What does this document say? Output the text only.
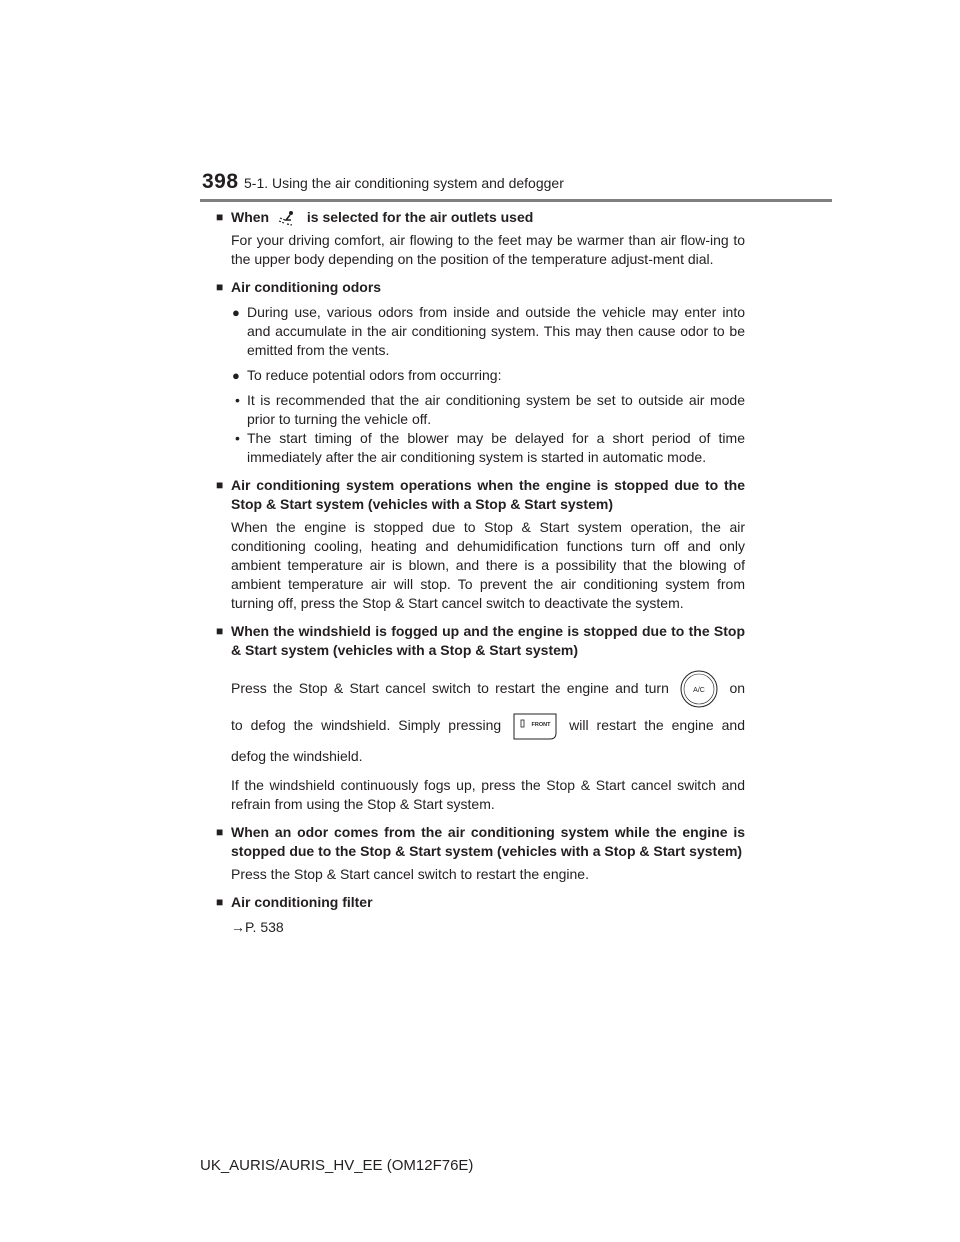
398 5-1. Using the air conditioning system and defogger
■ When	is selected for the air outlets used
For your driving comfort, air flowing to the feet may be warmer than air flow-ing to the upper body depending on the position of the temperature adjust-ment dial.
■ Air conditioning odors
● During use, various odors from inside and outside the vehicle may enter into and accumulate in the air conditioning system. This may then cause odor to be emitted from the vents.
● To reduce potential odors from occurring:
• It is recommended that the air conditioning system be set to outside air mode prior to turning the vehicle off.
• The start timing of the blower may be delayed for a short period of time immediately after the air conditioning system is started in automatic mode.
■ Air conditioning system operations when the engine is stopped due to the Stop & Start system (vehicles with a Stop & Start system)
When the engine is stopped due to Stop & Start system operation, the air conditioning cooling, heating and dehumidification functions turn off and only ambient temperature air is blown, and there is a possibility that the blowing of ambient temperature air will stop. To prevent the air conditioning system from turning off, press the Stop & Start cancel switch to deactivate the system.
■ When the windshield is fogged up and the engine is stopped due to the Stop & Start system (vehicles with a Stop & Start system)
Press the Stop & Start cancel switch to restart the engine and turn	A/C on
to defog the windshield. Simply pressing	FRONT will restart the engine and
defog the windshield.
If the windshield continuously fogs up, press the Stop & Start cancel switch and refrain from using the Stop & Start system.
■ When an odor comes from the air conditioning system while the engine is stopped due to the Stop & Start system (vehicles with a Stop & Start system)
Press the Stop & Start cancel switch to restart the engine.
■ Air conditioning filter
→P. 538
UK_AURIS/AURIS_HV_EE (OM12F76E)
